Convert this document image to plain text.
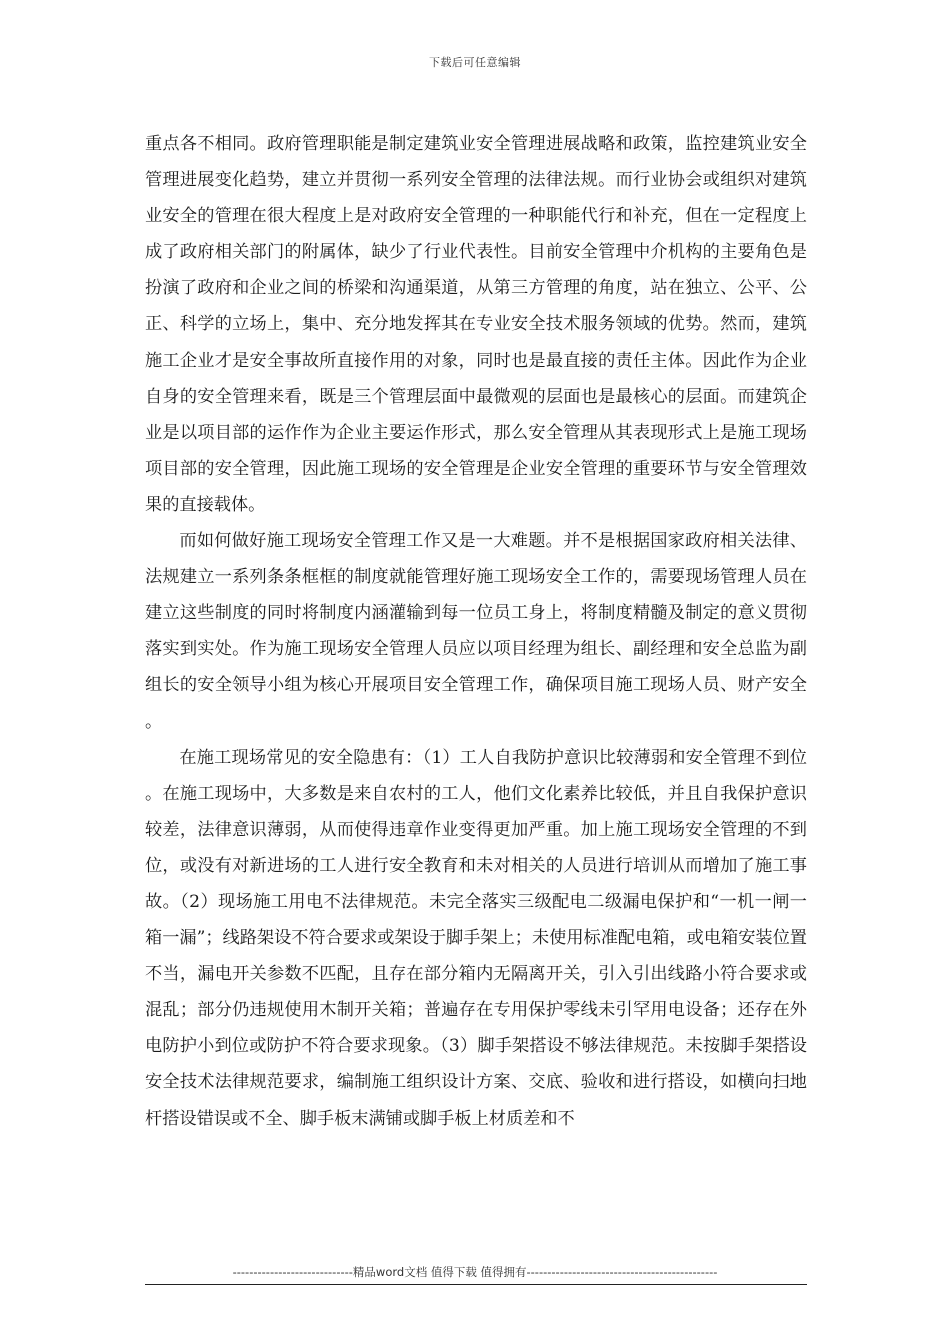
下载后可任意编辑

重点各不相同。政府管理职能是制定建筑业安全管理进展战略和政策，监控建筑业安全管理进展变化趋势，建立并贯彻一系列安全管理的法律法规。而行业协会或组织对建筑业安全的管理在很大程度上是对政府安全管理的一种职能代行和补充，但在一定程度上成了政府相关部门的附属体，缺少了行业代表性。目前安全管理中介机构的主要角色是扮演了政府和企业之间的桥梁和沟通渠道，从第三方管理的角度，站在独立、公平、公正、科学的立场上，集中、充分地发挥其在专业安全技术服务领域的优势。然而，建筑施工企业才是安全事故所直接作用的对象，同时也是最直接的责任主体。因此作为企业自身的安全管理来看，既是三个管理层面中最微观的层面也是最核心的层面。而建筑企业是以项目部的运作作为企业主要运作形式，那么安全管理从其表现形式上是施工现场项目部的安全管理，因此施工现场的安全管理是企业安全管理的重要环节与安全管理效果的直接载体。

而如何做好施工现场安全管理工作又是一大难题。并不是根据国家政府相关法律、法规建立一系列条条框框的制度就能管理好施工现场安全工作的，需要现场管理人员在建立这些制度的同时将制度内涵灌输到每一位员工身上，将制度精髓及制定的意义贯彻落实到实处。作为施工现场安全管理人员应以项目经理为组长、副经理和安全总监为副组长的安全领导小组为核心开展项目安全管理工作，确保项目施工现场人员、财产安全。

在施工现场常见的安全隐患有：（1）工人自我防护意识比较薄弱和安全管理不到位。在施工现场中，大多数是来自农村的工人，他们文化素养比较低，并且自我保护意识较差，法律意识薄弱，从而使得违章作业变得更加严重。加上施工现场安全管理的不到位，或没有对新进场的工人进行安全教育和未对相关的人员进行培训从而增加了施工事故。（2）现场施工用电不法律规范。未完全落实三级配电二级漏电保护和“一机一闸一箱一漏”；线路架设不符合要求或架设于脚手架上；未使用标准配电箱，或电箱安装位置不当，漏电开关参数不匹配，且存在部分箱内无隔离开关，引入引出线路小符合要求或混乱；部分仍违规使用木制开关箱；普遍存在专用保护零线未引罕用电设备；还存在外电防护小到位或防护不符合要求现象。（3）脚手架搭设不够法律规范。未按脚手架搭设安全技术法律规范要求，编制施工组织设计方案、交底、验收和进行搭设，如横向扫地杆搭设错误或不全、脚手板末满铺或脚手板上材质差和不

-----------------------------精品word文档 值得下载 值得拥有----------------------------------------------
